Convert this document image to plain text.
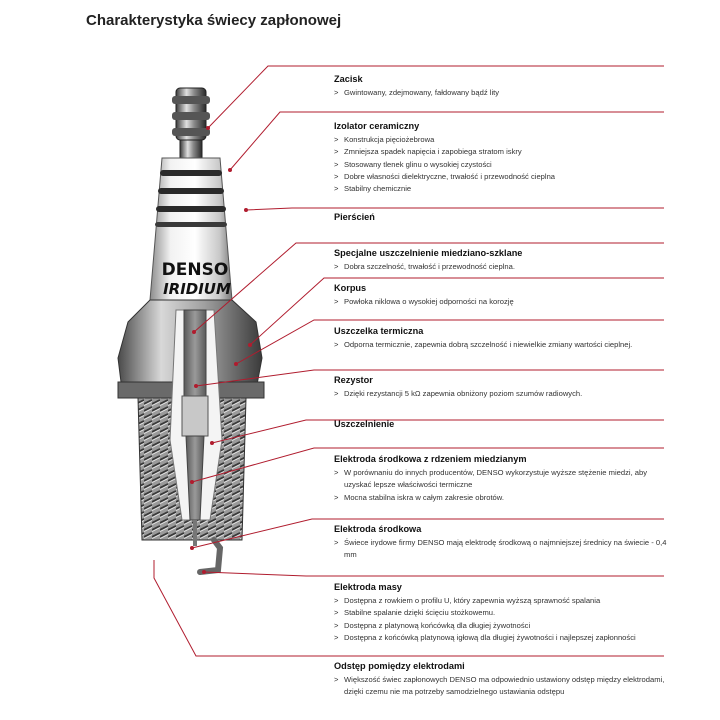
Charakterystyka świecy zapłonowej
DENSO
IRIDIUM
Zacisk
> Gwintowany, zdejmowany, fałdowany bądź lity
Izolator ceramiczny
> Konstrukcja pięciożebrowa
> Zmniejsza spadek napięcia i zapobiega stratom iskry
> Stosowany tlenek glinu o wysokiej czystości
> Dobre własności dielektryczne, trwałość i przewodność cieplna
> Stabilny chemicznie
Pierścień
Specjalne uszczelnienie miedziano-szklane
> Dobra szczelność, trwałość i przewodność cieplna.
Korpus
> Powłoka niklowa o wysokiej odporności na korozję
Uszczelka termiczna
> Odporna termicznie, zapewnia dobrą szczelność i niewielkie zmiany wartości cieplnej.
Rezystor
> Dzięki rezystancji 5 kΩ zapewnia obniżony poziom szumów radiowych.
Uszczelnienie
Elektroda środkowa z rdzeniem miedzianym
> W porównaniu do innych producentów, DENSO wykorzystuje wyższe stężenie miedzi, aby uzyskać lepsze właściwości termiczne
> Mocna stabilna iskra w całym zakresie obrotów.
Elektroda środkowa
> Świece irydowe firmy DENSO mają elektrodę środkową o najmniejszej średnicy na świecie - 0,4 mm
Elektroda masy
> Dostępna z rowkiem o profilu U, który zapewnia wyższą sprawność spalania
> Stabilne spalanie dzięki ścięciu stożkowemu.
> Dostępna z platynową końcówką dla długiej żywotności
> Dostępna z końcówką platynową igłową dla długiej żywotności i najlepszej zapłonności
Odstęp pomiędzy elektrodami
> Większość świec zapłonowych DENSO ma odpowiednio ustawiony odstęp między elektrodami, dzięki czemu nie ma potrzeby samodzielnego ustawiania odstępu
